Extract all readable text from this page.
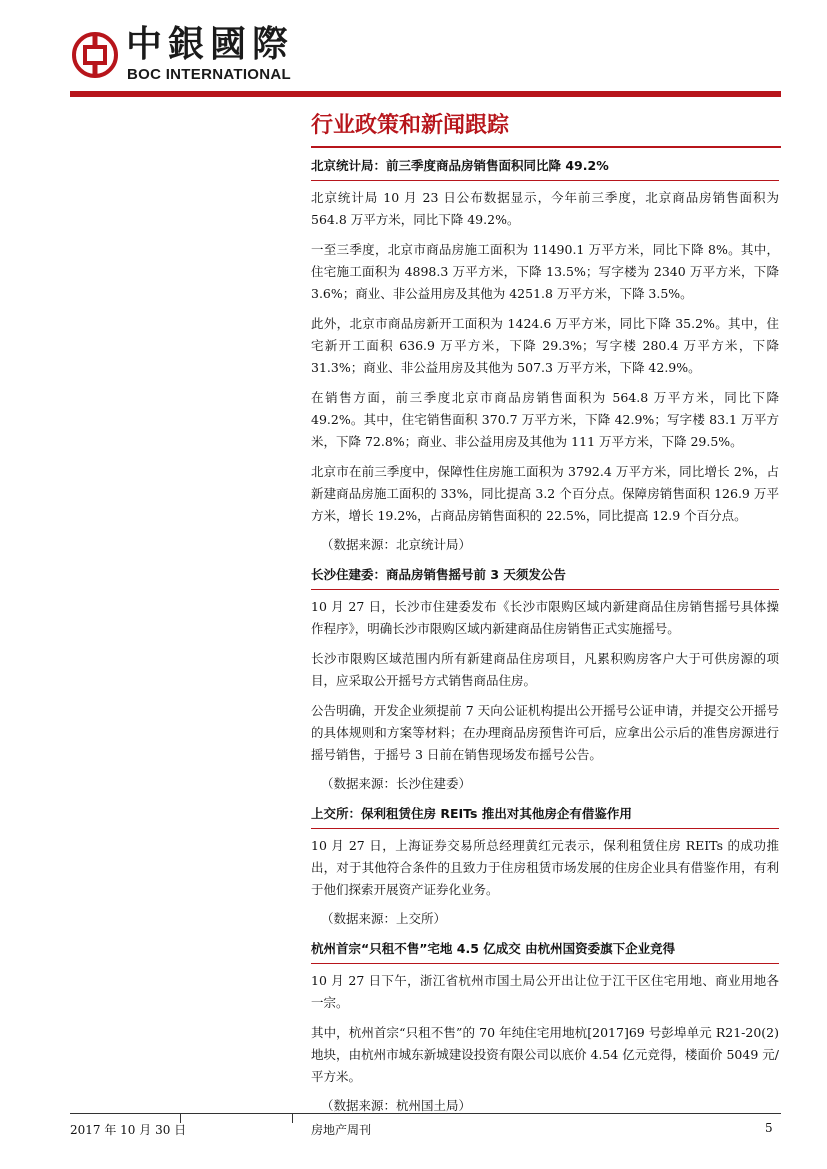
中銀國際
BOC INTERNATIONAL
行业政策和新闻跟踪
北京统计局：前三季度商品房销售面积同比降 49.2%

北京统计局 10 月 23 日公布数据显示，今年前三季度，北京商品房销售面积为 564.8 万平方米，同比下降 49.2%。

一至三季度，北京市商品房施工面积为 11490.1 万平方米，同比下降 8%。其中，住宅施工面积为 4898.3 万平方米，下降 13.5%；写字楼为 2340 万平方米，下降 3.6%；商业、非公益用房及其他为 4251.8 万平方米，下降 3.5%。

此外，北京市商品房新开工面积为 1424.6 万平方米，同比下降 35.2%。其中，住宅新开工面积 636.9 万平方米，下降 29.3%；写字楼 280.4 万平方米，下降 31.3%；商业、非公益用房及其他为 507.3 万平方米，下降 42.9%。

在销售方面，前三季度北京市商品房销售面积为 564.8 万平方米，同比下降 49.2%。其中，住宅销售面积 370.7 万平方米，下降 42.9%；写字楼 83.1 万平方米，下降 72.8%；商业、非公益用房及其他为 111 万平方米，下降 29.5%。

北京市在前三季度中，保障性住房施工面积为 3792.4 万平方米，同比增长 2%，占新建商品房施工面积的 33%，同比提高 3.2 个百分点。保障房销售面积 126.9 万平方米，增长 19.2%，占商品房销售面积的 22.5%，同比提高 12.9 个百分点。

（数据来源：北京统计局）
长沙住建委：商品房销售摇号前 3 天须发公告

10 月 27 日，长沙市住建委发布《长沙市限购区域内新建商品住房销售摇号具体操作程序》，明确长沙市限购区域内新建商品住房销售正式实施摇号。

长沙市限购区域范围内所有新建商品住房项目，凡累积购房客户大于可供房源的项目，应采取公开摇号方式销售商品住房。

公告明确，开发企业须提前 7 天向公证机构提出公开摇号公证申请，并提交公开摇号的具体规则和方案等材料；在办理商品房预售许可后，应拿出公示后的准售房源进行摇号销售，于摇号 3 日前在销售现场发布摇号公告。

（数据来源：长沙住建委）
上交所：保利租赁住房 REITs 推出对其他房企有借鉴作用

10 月 27 日，上海证券交易所总经理黄红元表示，保利租赁住房 REITs 的成功推出，对于其他符合条件的且致力于住房租赁市场发展的住房企业具有借鉴作用，有利于他们探索开展资产证券化业务。

（数据来源：上交所）
杭州首宗“只租不售”宅地 4.5 亿成交 由杭州国资委旗下企业竞得

10 月 27 日下午，浙江省杭州市国土局公开出让位于江干区住宅用地、商业用地各一宗。

其中，杭州首宗“只租不售”的 70 年纯住宅用地杭[2017]69 号彭埠单元 R21-20(2)地块，由杭州市城东新城建设投资有限公司以底价 4.54 亿元竞得，楼面价 5049 元/平方米。

（数据来源：杭州国土局）
2017 年 10 月 30 日	房地产周刊	5
